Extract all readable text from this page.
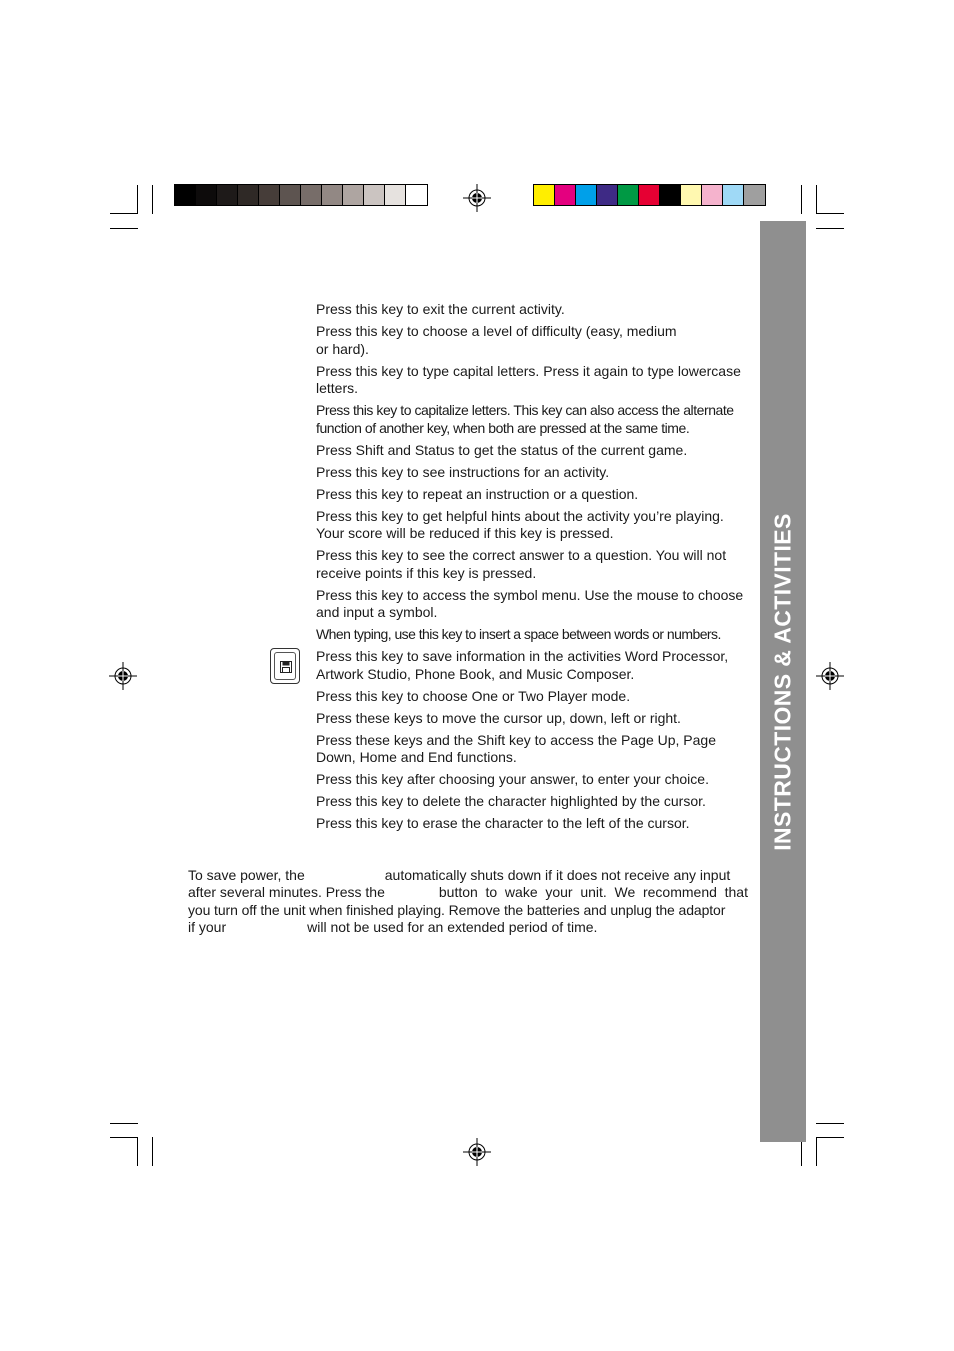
INSTRUCTIONS & ACTIVITIES

Press this key to exit the current activity.

Press this key to choose a level of difficulty (easy, medium
or hard).

Press this key to type capital letters. Press it again to type lowercase
letters.

Press this key to capitalize letters. This key can also access the alternate
function of another key, when both are pressed at the same time.

Press Shift and Status to get the status of the current game.

Press this key to see instructions for an activity.

Press this key to repeat an instruction or a question.

Press this key to get helpful hints about the activity you’re playing.
Your score will be reduced if this key is pressed.

Press this key to see the correct answer to a question. You will not
receive points if this key is pressed.

Press this key to access the symbol menu. Use the mouse to choose
and input a symbol.

When typing, use this key to insert a space between words or numbers.

Press this key to save information in the activities Word Processor,
Artwork Studio, Phone Book, and Music Composer.

Press this key to choose One or Two Player mode.

Press these keys to move the cursor up, down, left or right.

Press these keys and the Shift key to access the Page Up, Page
Down, Home and End functions.

Press this key after choosing your answer, to enter your choice.

Press this key to delete the character highlighted by the cursor.

Press this key to erase the character to the left of the cursor.

To save power, the	automatically shuts down if it does not receive any input
after several minutes. Press the	button to wake your unit. We recommend that
you turn off the unit when finished playing. Remove the batteries and unplug the adaptor
if your	will not be used for an extended period of time.
